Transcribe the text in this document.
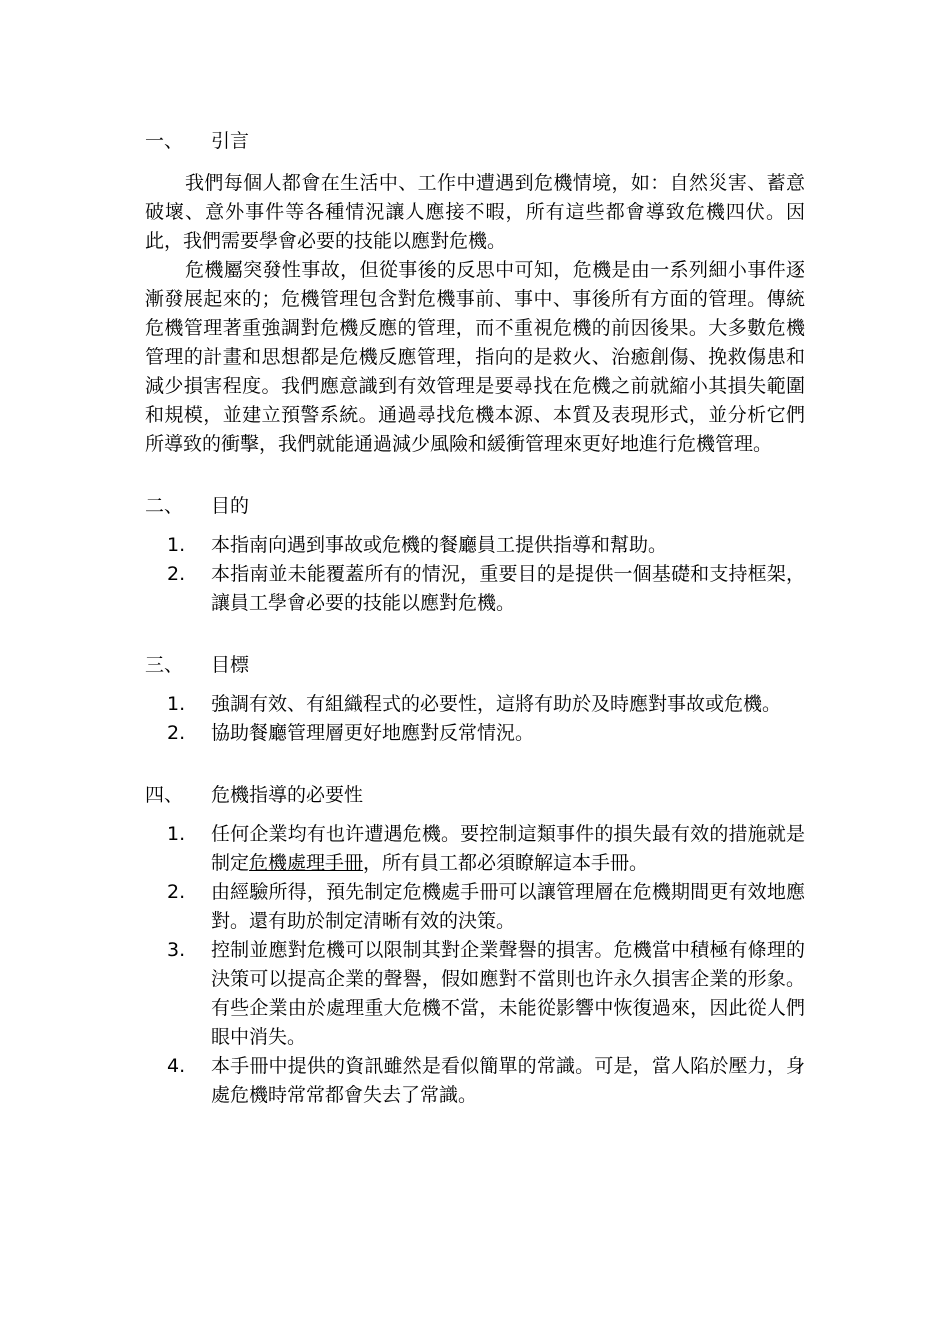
一、	引言

我們每個人都會在生活中、工作中遭遇到危機情境，如：自然災害、蓄意破壞、意外事件等各種情況讓人應接不暇，所有這些都會導致危機四伏。因此，我們需要學會必要的技能以應對危機。

危機屬突發性事故，但從事後的反思中可知，危機是由一系列細小事件逐漸發展起來的；危機管理包含對危機事前、事中、事後所有方面的管理。傳統危機管理著重強調對危機反應的管理，而不重視危機的前因後果。大多數危機管理的計畫和思想都是危機反應管理，指向的是救火、治癒創傷、挽救傷患和減少損害程度。我們應意識到有效管理是要尋找在危機之前就縮小其損失範圍和規模，並建立預警系統。通過尋找危機本源、本質及表現形式，並分析它們所導致的衝擊，我們就能通過減少風險和緩衝管理來更好地進行危機管理。

二、	目的
1.	本指南向遇到事故或危機的餐廳員工提供指導和幫助。
2.	本指南並未能覆蓋所有的情況，重要目的是提供一個基礎和支持框架，讓員工學會必要的技能以應對危機。
三、	目標
1.	強調有效、有組織程式的必要性，這將有助於及時應對事故或危機。
2.	協助餐廳管理層更好地應對反常情況。
四、	危機指導的必要性
1.	任何企業均有也许遭遇危機。要控制這類事件的損失最有效的措施就是制定危機處理手冊，所有員工都必須瞭解這本手冊。
2.	由經驗所得，預先制定危機處手冊可以讓管理層在危機期間更有效地應對。還有助於制定清晰有效的決策。
3.	控制並應對危機可以限制其對企業聲譽的損害。危機當中積極有條理的決策可以提高企業的聲譽，假如應對不當則也许永久損害企業的形象。有些企業由於處理重大危機不當，未能從影響中恢復過來，因此從人們眼中消失。
4.	本手冊中提供的資訊雖然是看似簡單的常識。可是，當人陷於壓力，身處危機時常常都會失去了常識。
